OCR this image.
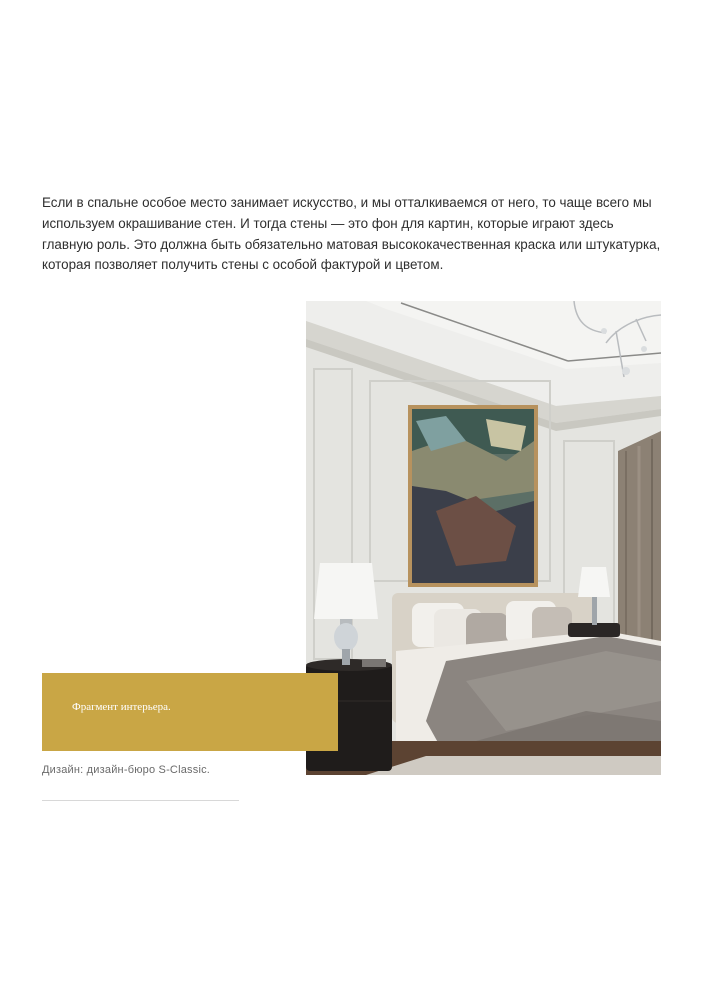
Если в спальне особое место занимает искусство, и мы отталкиваемся от него, то чаще всего мы используем окрашивание стен. И тогда стены — это фон для картин, которые играют здесь главную роль. Это должна быть обязательно матовая высококачественная краска или штукатурка, которая позволяет получить стены с особой фактурой и цветом.

Фрагмент интерьера.
Дизайн: дизайн-бюро S-Classic.
